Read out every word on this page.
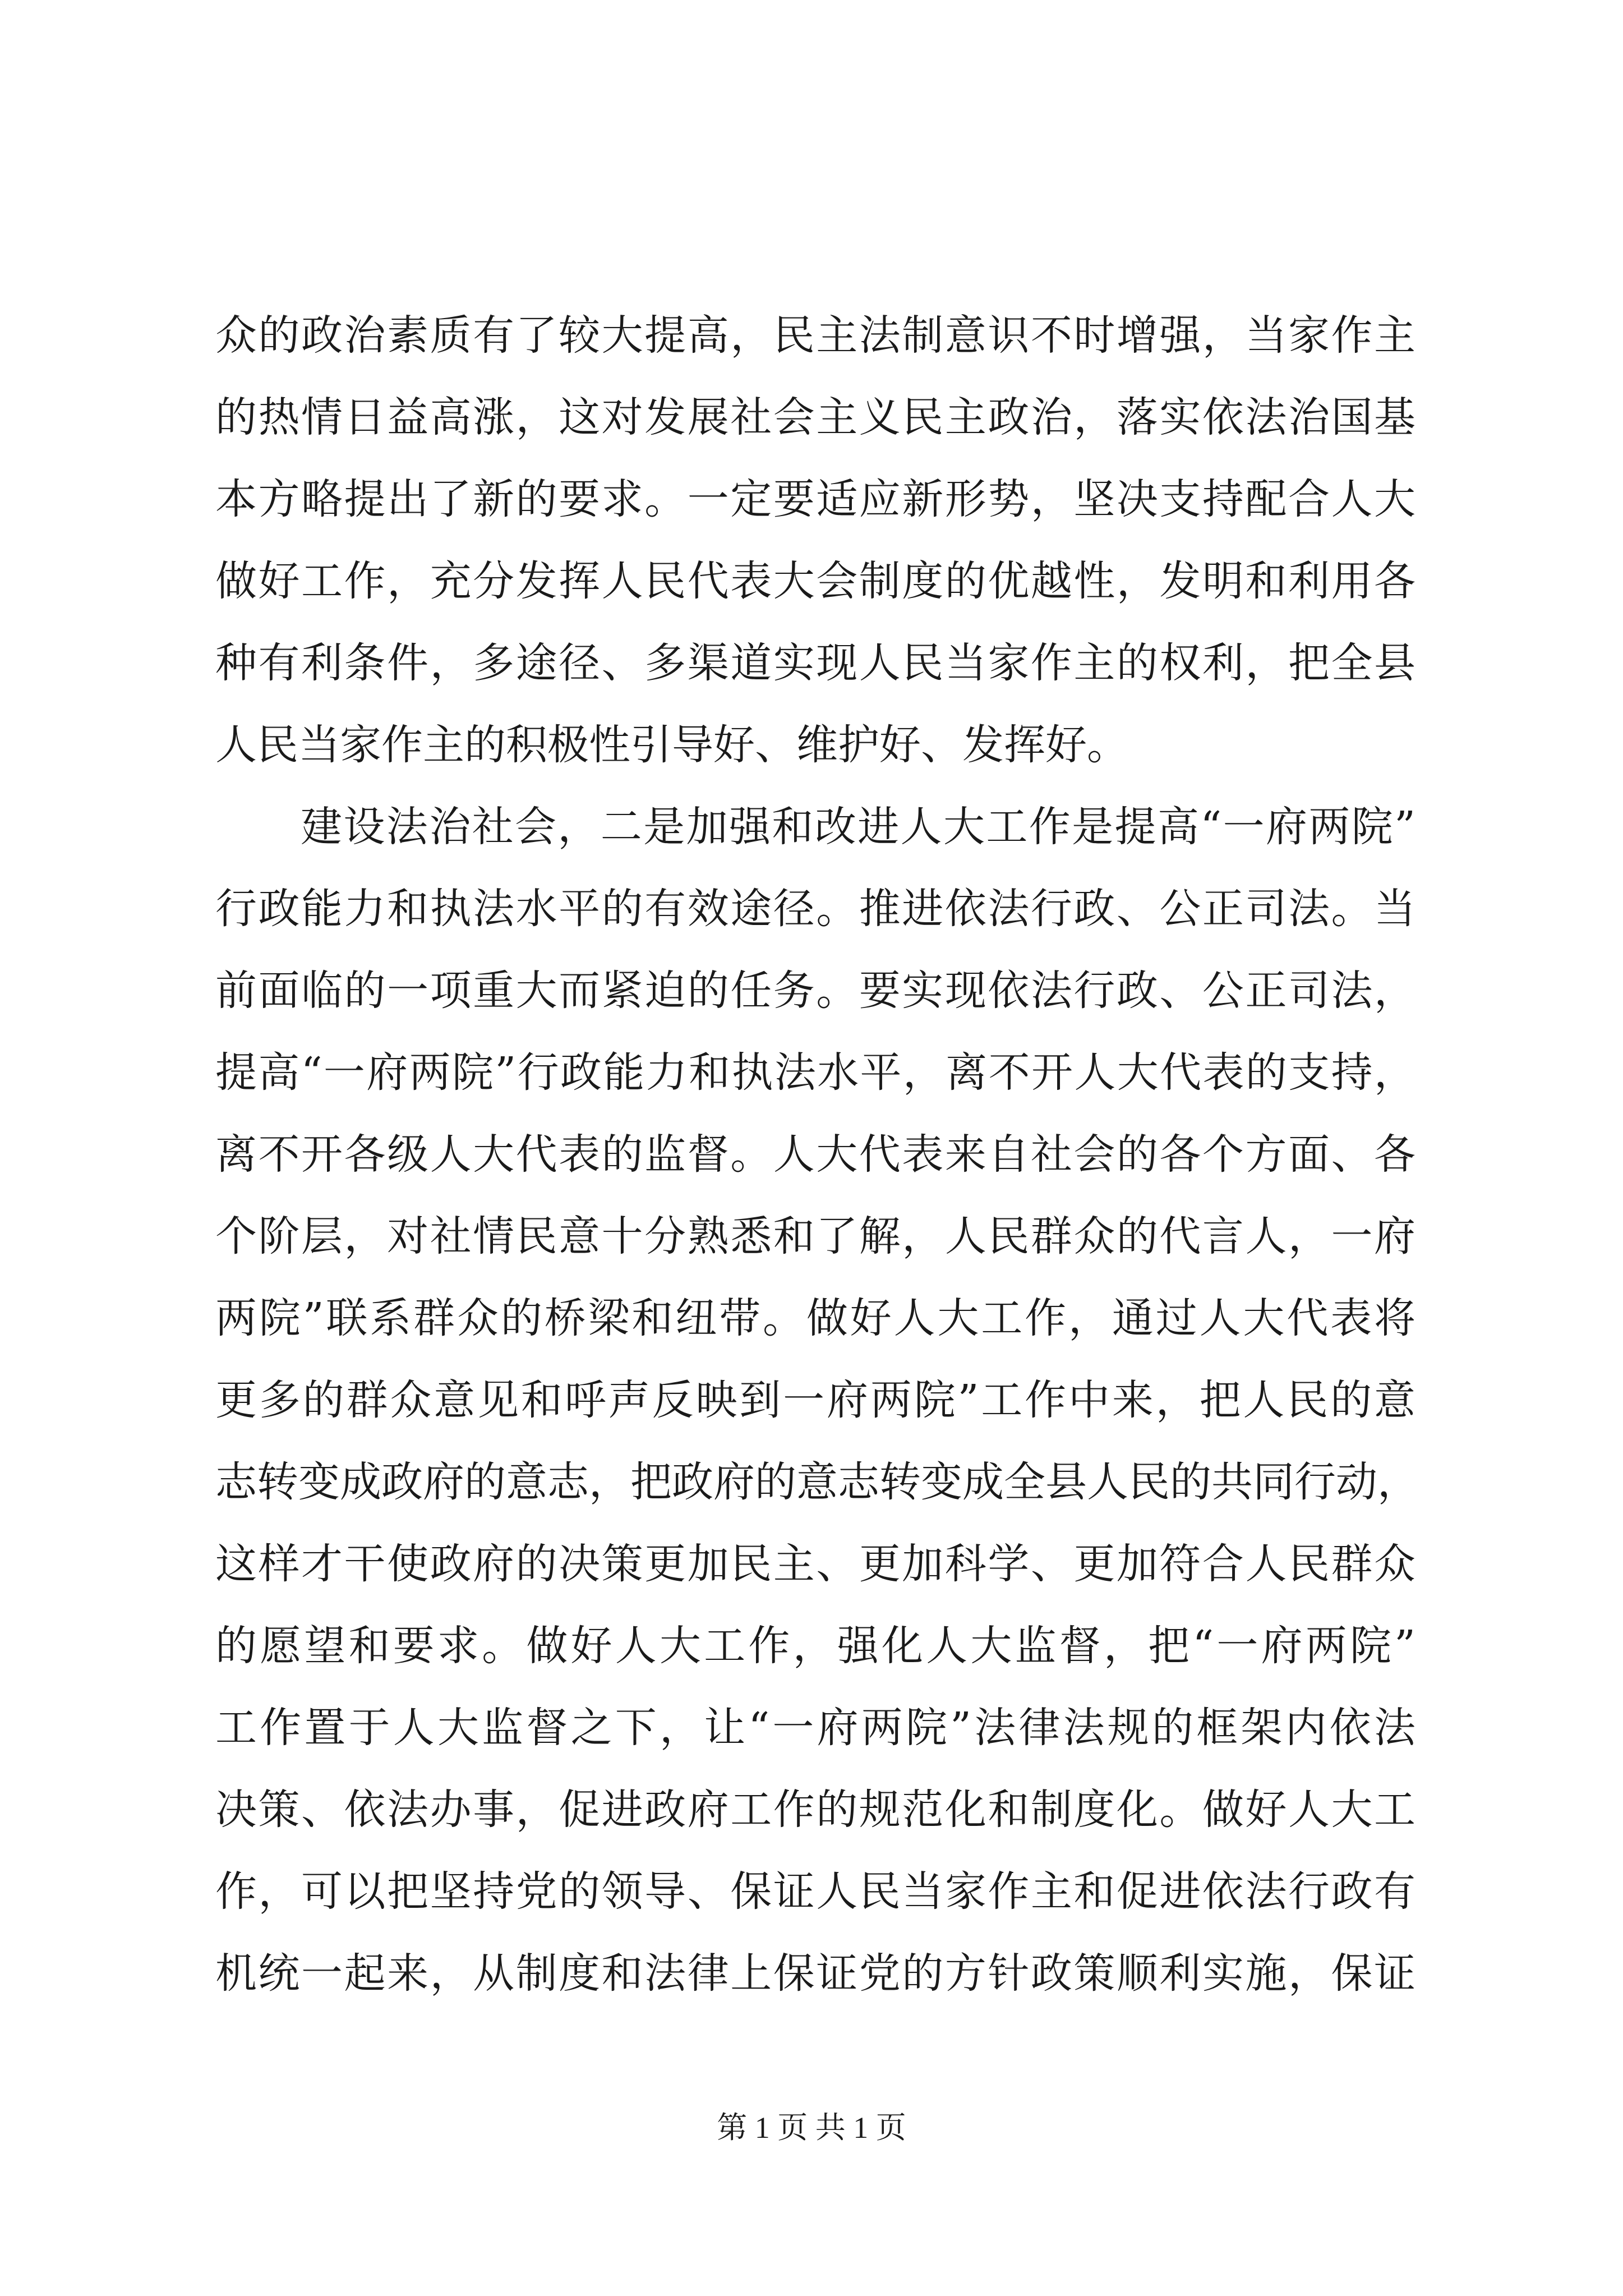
众的政治素质有了较大提高，民主法制意识不时增强，当家作主
的热情日益高涨，这对发展社会主义民主政治，落实依法治国基
本方略提出了新的要求。一定要适应新形势，坚决支持配合人大
做好工作，充分发挥人民代表大会制度的优越性，发明和利用各
种有利条件，多途径、多渠道实现人民当家作主的权利，把全县
人民当家作主的积极性引导好、维护好、发挥好。
建设法治社会，二是加强和改进人大工作是提高“一府两院”
行政能力和执法水平的有效途径。推进依法行政、公正司法。当
前面临的一项重大而紧迫的任务。要实现依法行政、公正司法，
提高“一府两院”行政能力和执法水平，离不开人大代表的支持，
离不开各级人大代表的监督。人大代表来自社会的各个方面、各
个阶层，对社情民意十分熟悉和了解，人民群众的代言人，一府
两院”联系群众的桥梁和纽带。做好人大工作，通过人大代表将
更多的群众意见和呼声反映到一府两院”工作中来，把人民的意
志转变成政府的意志，把政府的意志转变成全县人民的共同行动，
这样才干使政府的决策更加民主、更加科学、更加符合人民群众
的愿望和要求。做好人大工作，强化人大监督，把“一府两院”
工作置于人大监督之下，让“一府两院”法律法规的框架内依法
决策、依法办事，促进政府工作的规范化和制度化。做好人大工
作，可以把坚持党的领导、保证人民当家作主和促进依法行政有
机统一起来，从制度和法律上保证党的方针政策顺利实施，保证
第 1 页 共 1 页
